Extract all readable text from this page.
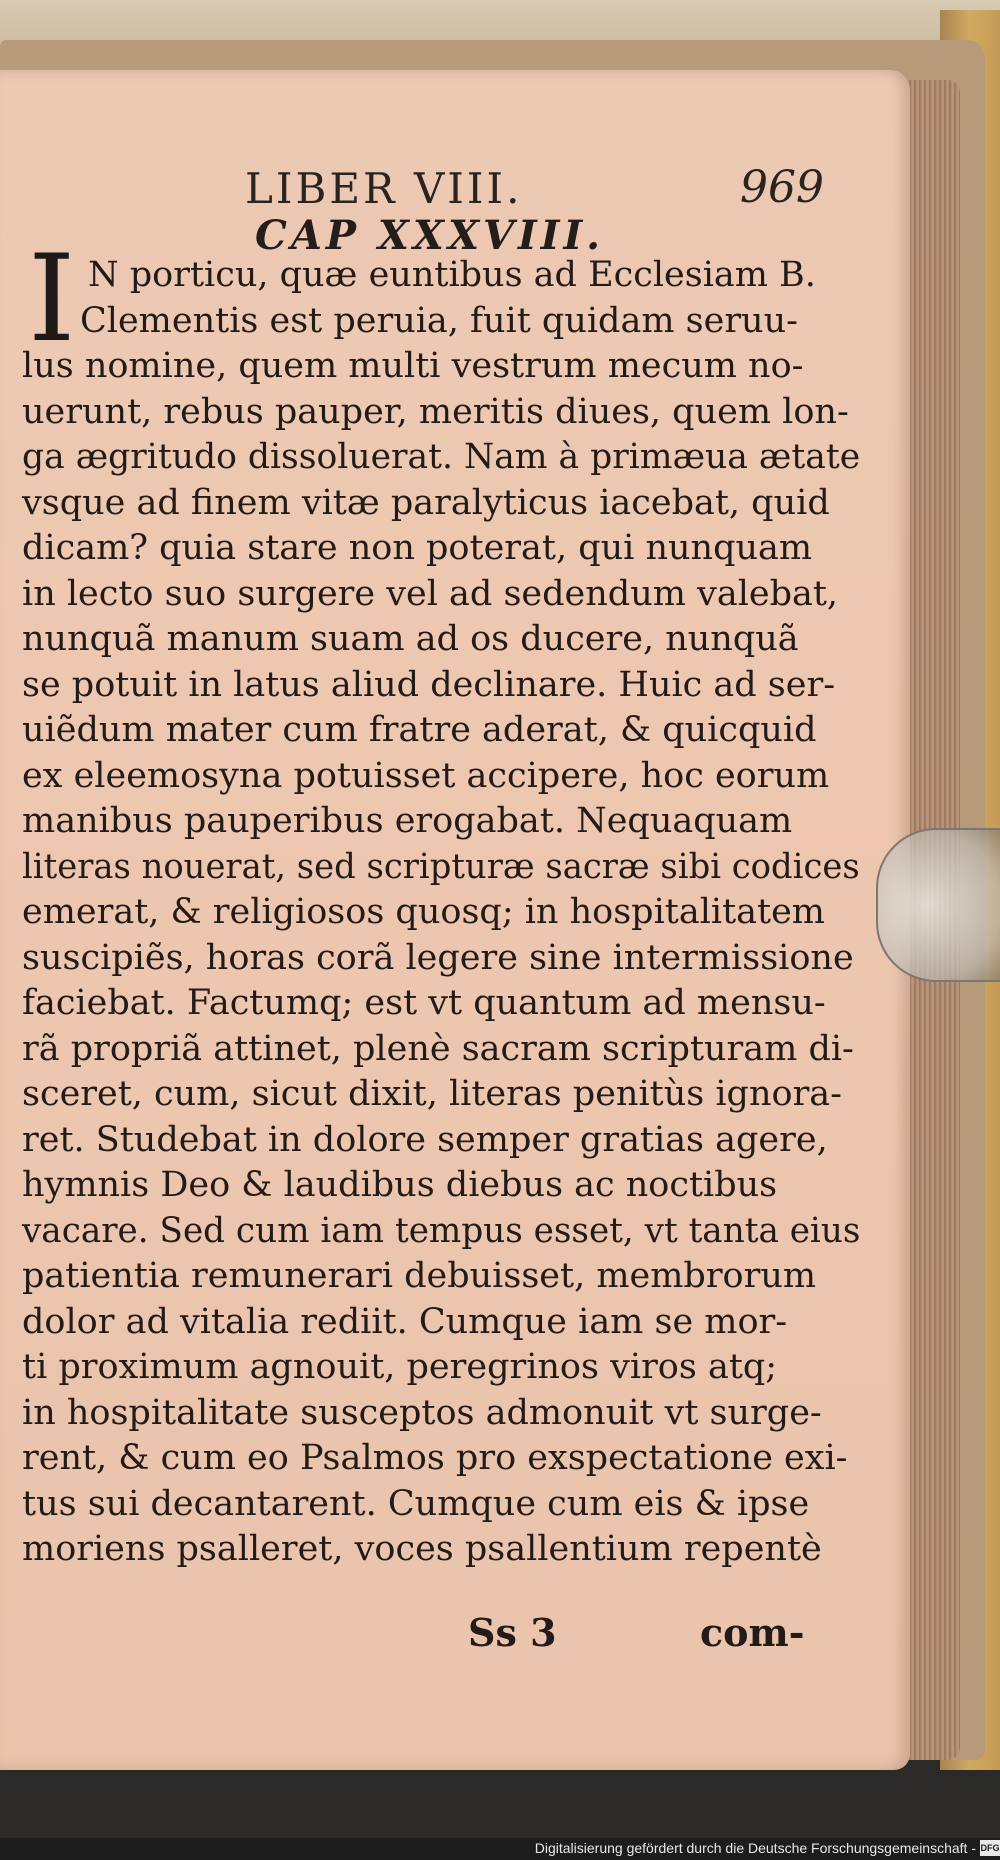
LIBER VIII.	969
CAP XXXVIII.
I N porticu, quæ euntibus ad Ecclesiam B.
Clementis est peruia, fuit quidam seruu-
lus nomine, quem multi vestrum mecum no-
uerunt, rebus pauper, meritis diues, quem lon-
ga ægritudo dissoluerat. Nam à primæua ætate
vsque ad finem vitæ paralyticus iacebat, quid
dicam? quia stare non poterat, qui nunquam
in lecto suo surgere vel ad sedendum valebat,
nunquã manum suam ad os ducere, nunquã
se potuit in latus aliud declinare. Huic ad ser-
uiẽdum mater cum fratre aderat, & quicquid
ex eleemosyna potuisset accipere, hoc eorum
manibus pauperibus erogabat. Nequaquam
literas nouerat, sed scripturæ sacræ sibi codices
emerat, & religiosos quosq; in hospitalitatem
suscipiẽs, horas corã legere sine intermissione
faciebat. Factumq; est vt quantum ad mensu-
rã propriã attinet, plenè sacram scripturam di-
sceret, cum, sicut dixit, literas penitùs ignora-
ret. Studebat in dolore semper gratias agere,
hymnis Deo & laudibus diebus ac noctibus
vacare. Sed cum iam tempus esset, vt tanta eius
patientia remunerari debuisset, membrorum
dolor ad vitalia rediit. Cumque iam se mor-
ti proximum agnouit, peregrinos viros atq;
in hospitalitate susceptos admonuit vt surge-
rent, & cum eo Psalmos pro exspectatione exi-
tus sui decantarent. Cumque cum eis & ipse
moriens psalleret, voces psallentium repentè
Ss 3	com-
Digitalisierung gefördert durch die Deutsche Forschungsgemeinschaft - DFG
